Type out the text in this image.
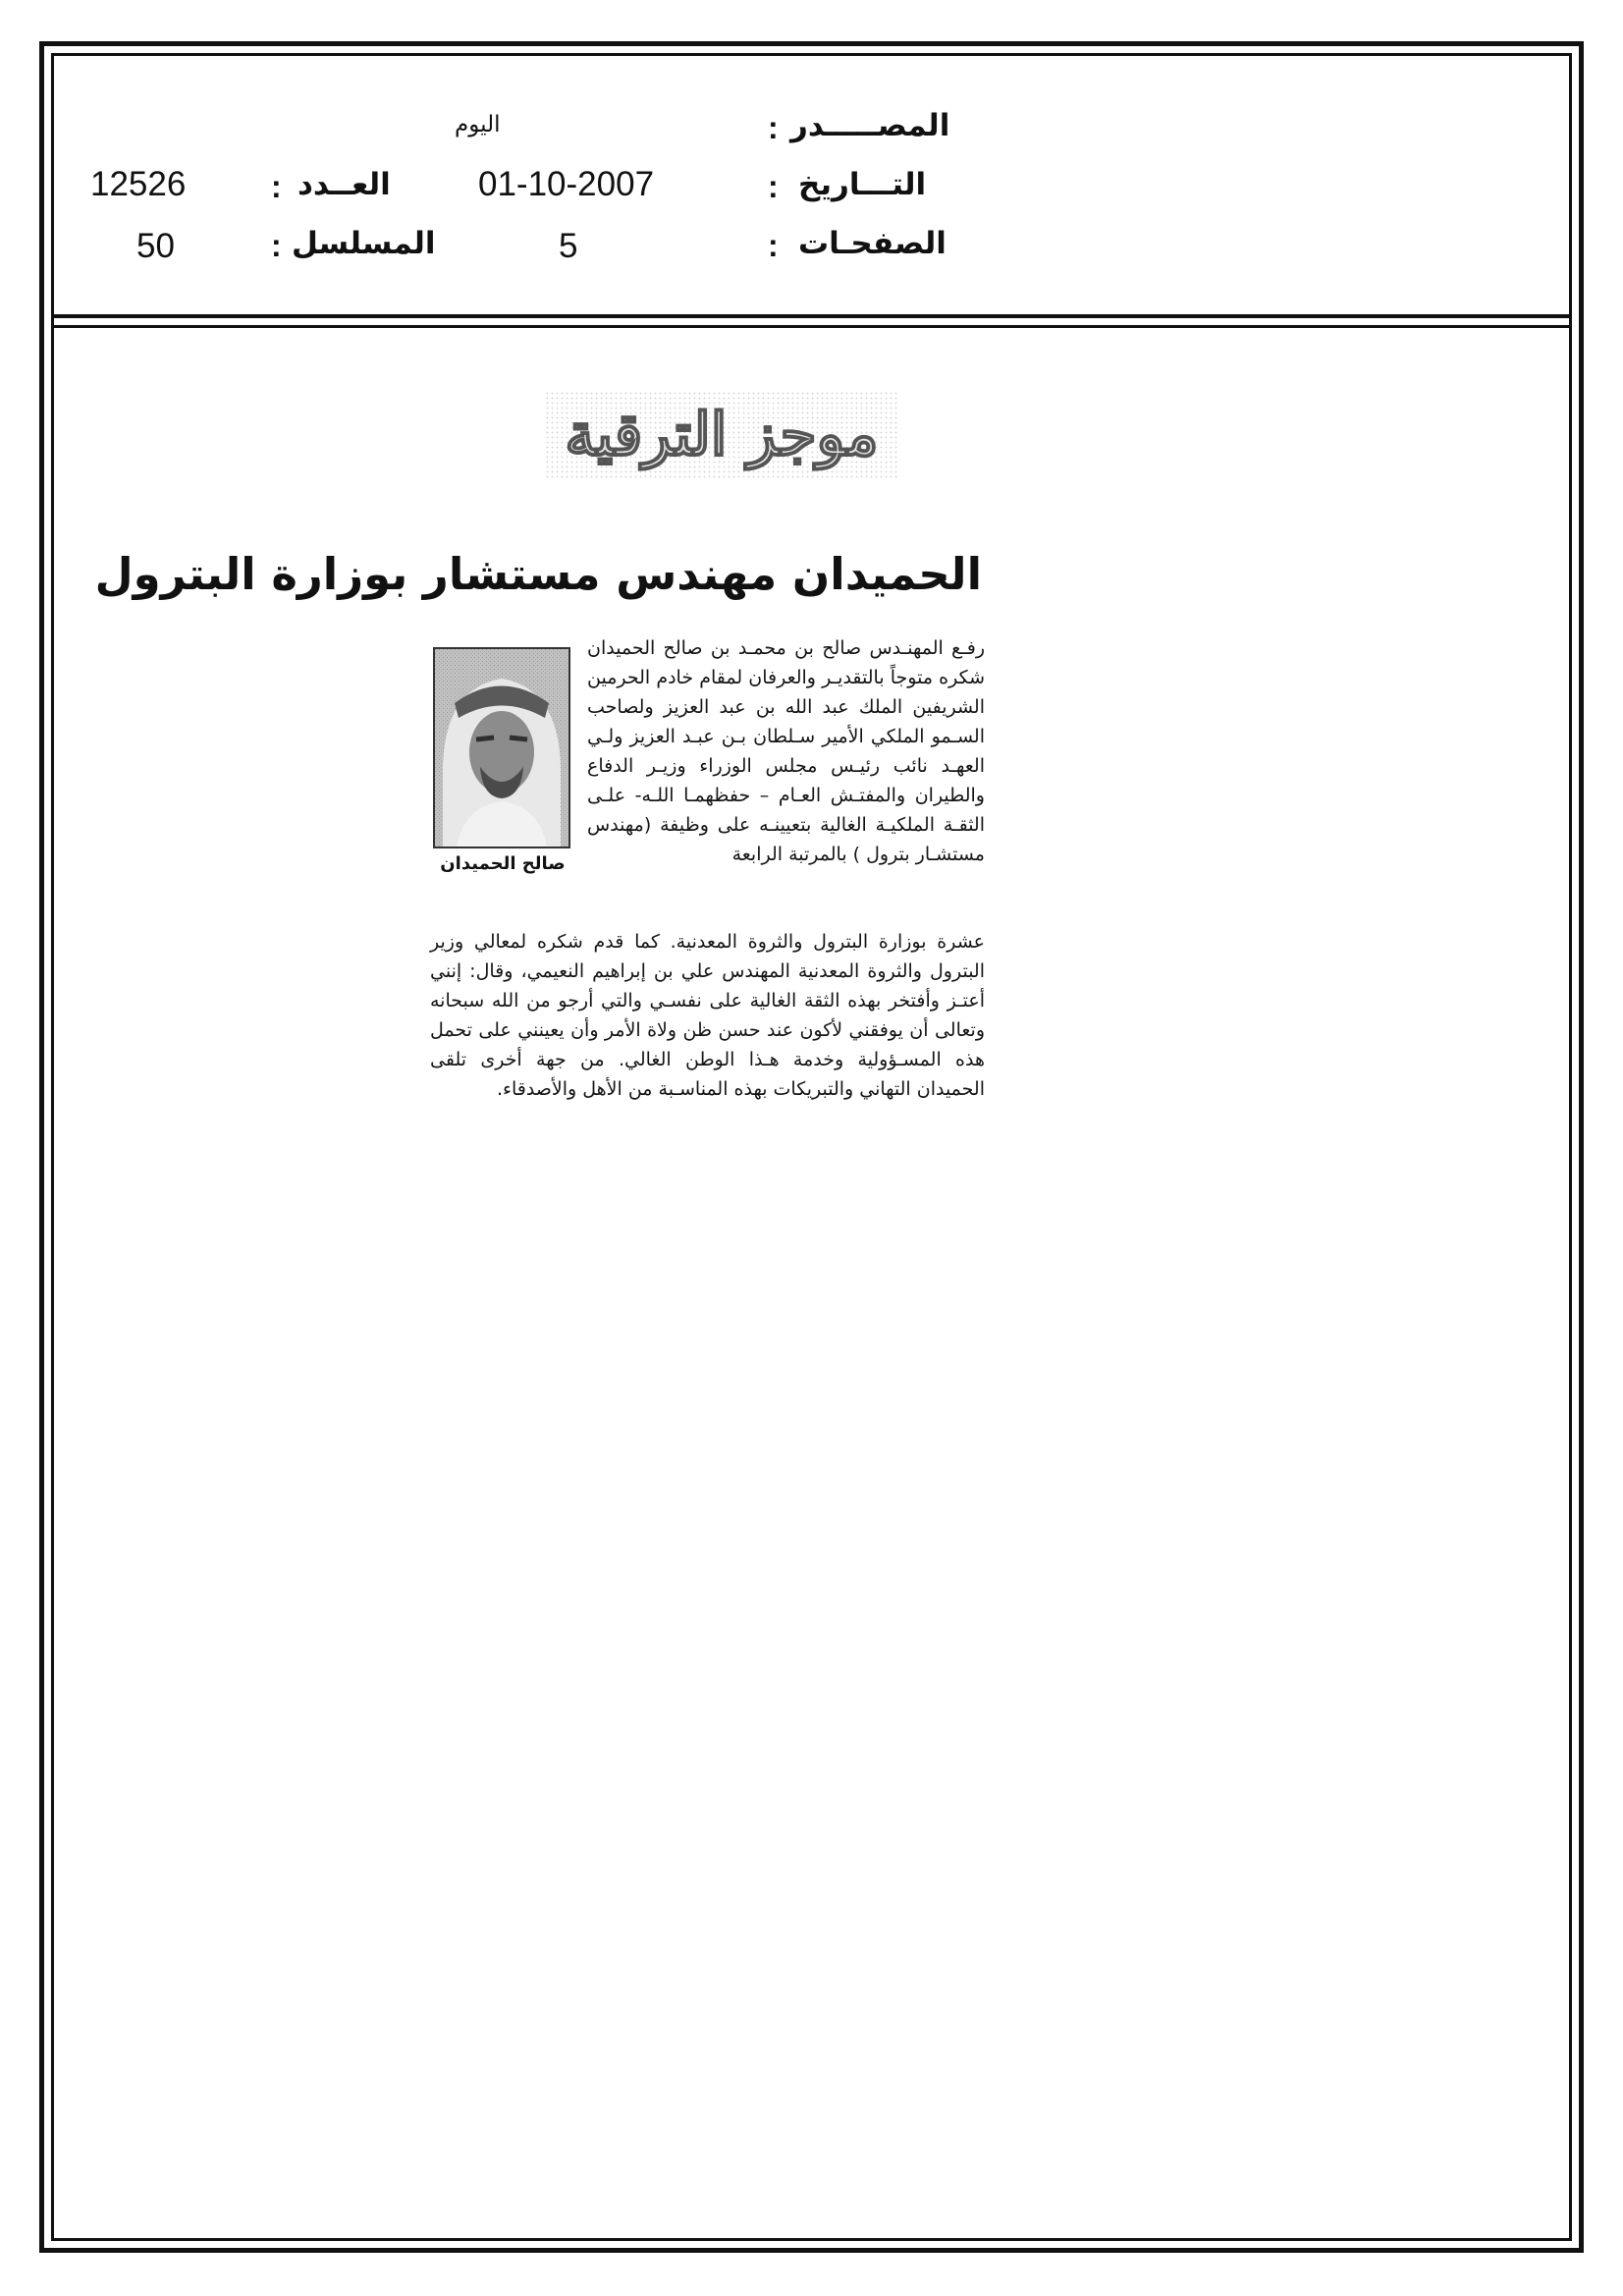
المصـــــدر
:
اليوم
التـــاريخ
:
01-10-2007
الصفحـات
:
5
العــدد
:
12526
المسلسل
:
50
موجز الترقية
الحميدان مهندس مستشار بوزارة البترول
صالح الحميدان

رفـع المهنـدس صالح بن محمـد بن صالح الحميدان شكره متوجاً بالتقديـر والعرفان لمقام خادم الحرمين الشريفين الملك عبد الله بن عبد العزيز ولصاحب السـمو الملكي الأمير سـلطان بـن عبـد العزيز ولـي العهـد نائب رئيـس مجلس الوزراء وزيـر الدفاع والطيران والمفتـش العـام – حفظهمـا اللـه- علـى الثقـة الملكيـة الغالية بتعيينـه على وظيفة (مهندس مستشـار بترول ) بالمرتبة الرابعة

عشرة بوزارة البترول والثروة المعدنية. كما قدم شكره لمعالي وزير البترول والثروة المعدنية المهندس علي بن إبراهيم النعيمي، وقال: إنني أعتـز وأفتخر بهذه الثقة الغالية على نفسـي والتي أرجو من الله سبحانه وتعالى أن يوفقني لأكون عند حسن ظن ولاة الأمر وأن يعينني على تحمل هذه المسـؤولية وخدمة هـذا الوطن الغالي. من جهة أخرى تلقى الحميدان التهاني والتبريكات بهذه المناسـبة من الأهل والأصدقاء.
